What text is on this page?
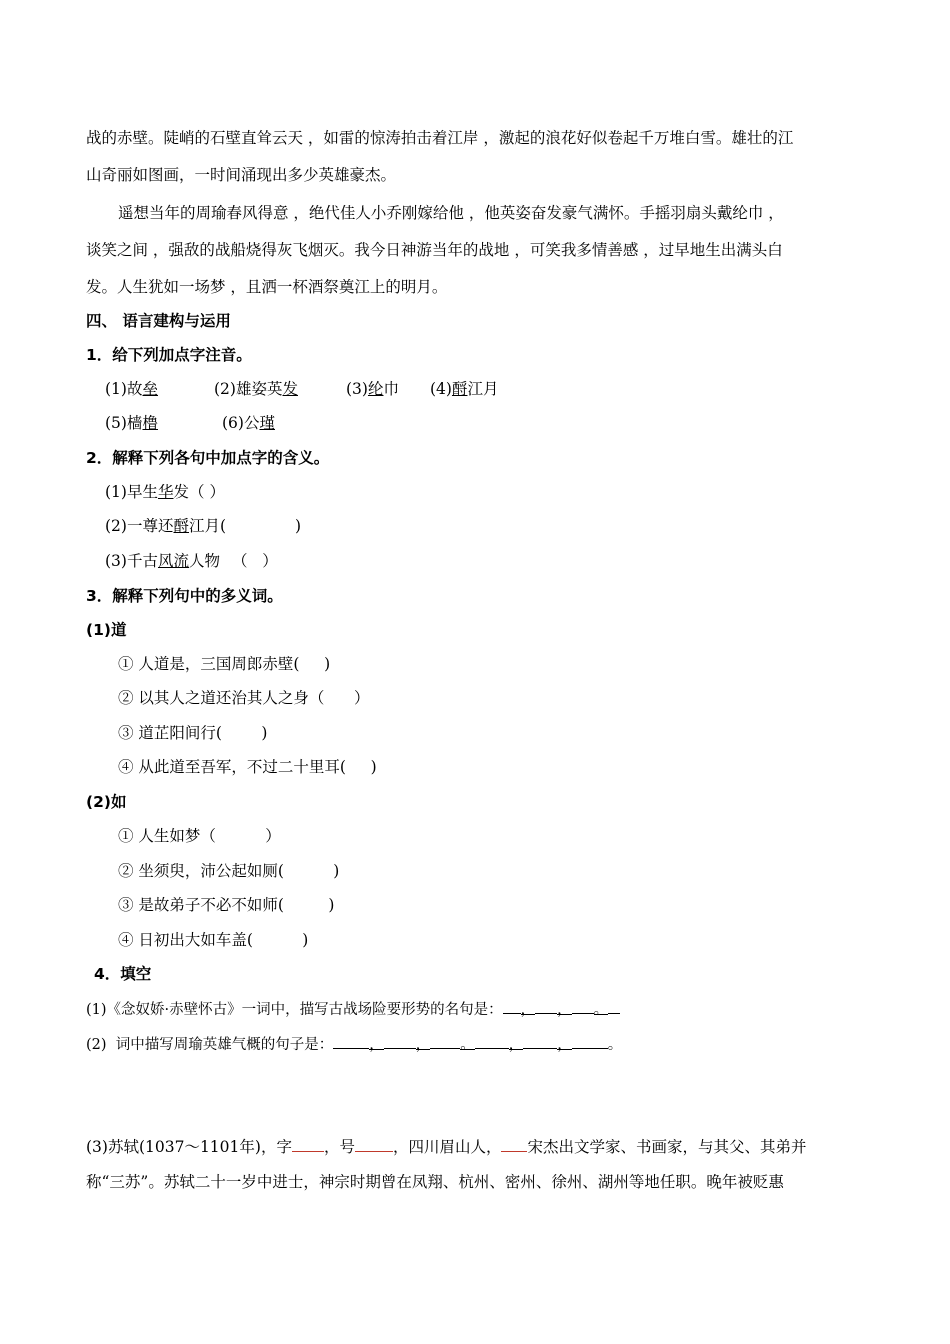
战的赤壁。陡峭的石壁直耸云天 ，如雷的惊涛拍击着江岸 ，激起的浪花好似卷起千万堆白雪。雄壮的江
山奇丽如图画，一时间涌现出多少英雄豪杰。
遥想当年的周瑜春风得意 ，绝代佳人小乔刚嫁给他 ，他英姿奋发豪气满怀。手摇羽扇头戴纶巾 ，
谈笑之间 ，强敌的战船烧得灰飞烟灭。我今日神游当年的战地 ，可笑我多情善感 ，过早地生出满头白
发。人生犹如一场梦 ，且洒一杯酒祭奠江上的明月。
四、 语言建构与运用
1．给下列加点字注音。
(1)故垒	(2)雄姿英发	(3)纶巾 (4)酹江月
(5)樯橹	(6)公瑾
2．解释下列各句中加点字的含义。
(1)早生华发（ ）
(2)一尊还酹江月(              )
(3)千古风流人物 （   ）
3．解释下列句中的多义词。
(1)道
① 人道是，三国周郎赤壁(     )
② 以其人之道还治其人之身（      ）
③ 道芷阳间行(        )
④ 从此道至吾军，不过二十里耳(     )
(2)如
① 人生如梦（          ）
② 坐须臾，沛公起如厕(          )
③ 是故弟子不必不如师(         )
④ 日初出大如车盖(          )
4．填空
(1)《念奴娇·赤壁怀古》一词中，描写古战场险要形势的名句是： ， ， 。
(2)  词中描写周瑜英雄气概的句子是： ， ， 。 ， ， 。
(3)苏轼(1037～1101年)，字 ，号 ，四川眉山人， 宋杰出文学家、书画家，与其父、其弟并
称“三苏”。苏轼二十一岁中进士，神宗时期曾在凤翔、杭州、密州、徐州、湖州等地任职。晚年被贬惠
